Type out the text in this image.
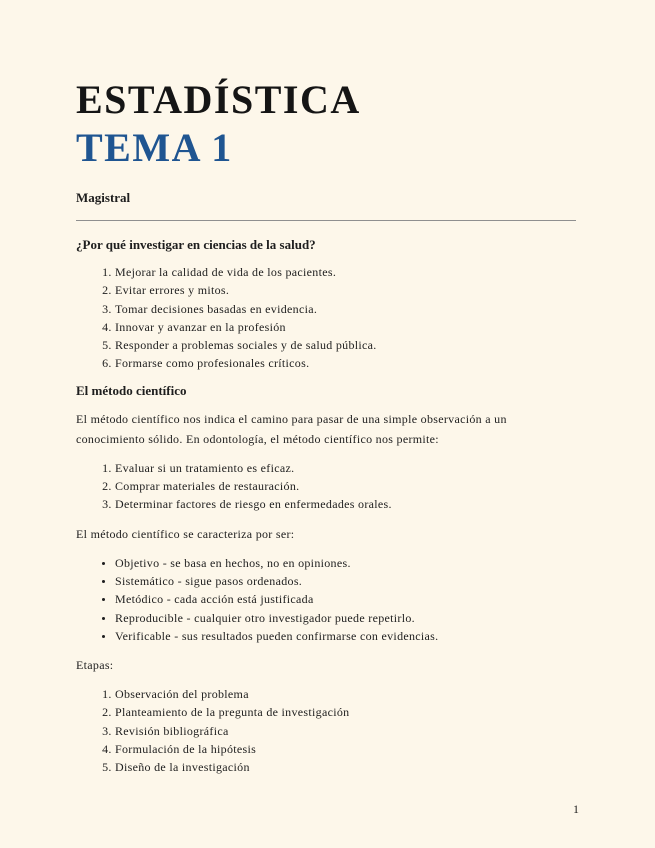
ESTADÍSTICA
TEMA 1
Magistral
¿Por qué investigar en ciencias de la salud?
1. Mejorar la calidad de vida de los pacientes.
2. Evitar errores y mitos.
3. Tomar decisiones basadas en evidencia.
4. Innovar y avanzar en la profesión
5. Responder a problemas sociales y de salud pública.
6. Formarse como profesionales críticos.
El método científico

El método científico nos indica el camino para pasar de una simple observación a un conocimiento sólido. En odontología, el método científico nos permite:

1. Evaluar si un tratamiento es eficaz.
2. Comprar materiales de restauración.
3. Determinar factores de riesgo en enfermedades orales.

El método científico se caracteriza por ser:

• Objetivo - se basa en hechos, no en opiniones.
• Sistemático - sigue pasos ordenados.
• Metódico - cada acción está justificada
• Reproducible - cualquier otro investigador puede repetirlo.
• Verificable - sus resultados pueden confirmarse con evidencias.

Etapas:

1. Observación del problema
2. Planteamiento de la pregunta de investigación
3. Revisión bibliográfica
4. Formulación de la hipótesis
5. Diseño de la investigación
1
